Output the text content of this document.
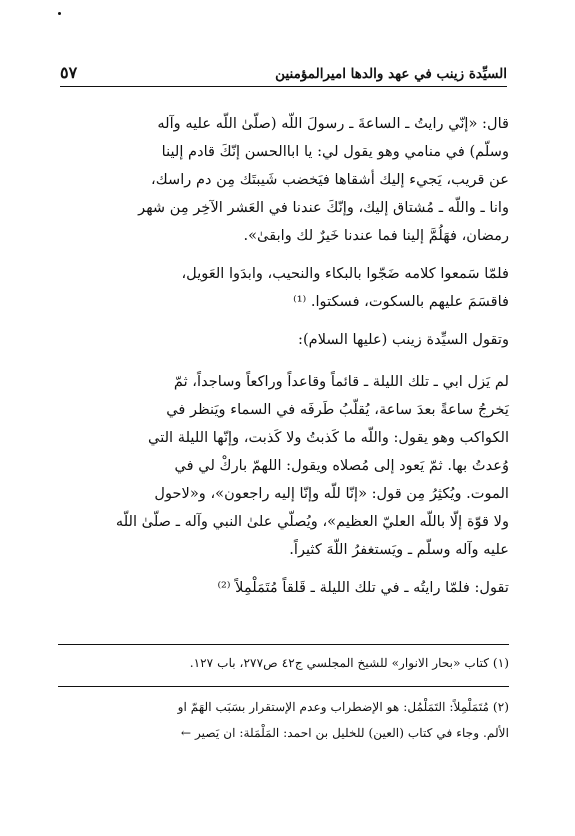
٥٧	السيِّدة زينب في عهد والدها اميرالمؤمنين

قال: «إنّي رايتُ ـ الساعةَ ـ رسولَ اللّه (صلّىٰ اللّه عليه وآله
وسلّم) في منامي وهو يقول لي: يا اباالحسن إنّكَ قادم إلينا
عن قريب، يَجيء إليك أشقاها فيَخضب شَيبتَك مِن دم راسك،
وانا ـ واللّه ـ مُشتاق إليك، وإنّكَ عندنا في العَشر الآخِر مِن شهر
رمضان، فهَلُمَّ إلينا فما عندنا خَيرٌ لك وابقىٰ».

فلمّا سَمعوا كلامه ضَجّوا بالبكاء والنحيب، وابدَوا العَويل،
فاقسَمَ عليهم بالسكوت، فسكتوا. ⁽¹⁾

وتقول السيِّدة زينب (عليها السلام):

لم يَزل ابي ـ تلك الليلة ـ قائماً وقاعداً وراكعاً وساجداً، ثمّ
يَخرجُ ساعةً بعدَ ساعة، يُقلّبُ طَرفَه في السماء ويَنظر في
الكواكب وهو يقول: واللّه ما كَذبتُ ولا كَذبت، وإنّها الليلة التي
وُعدتُ بها. ثمّ يَعود إلى مُصلاه ويقول: اللهمّ باركْ لي في
الموت. ويُكثِرُ مِن قول: «إنّا للّه وإنّا إليه راجعون»، و«لاحول
ولا قوّة إلّا باللّه العليّ العظيم»، ويُصلّي علىٰ النبي وآله ـ صلّىٰ اللّه
عليه وآله وسلّم ـ ويَستغفرُ اللّهَ كثيراً.

تقول: فلمّا رايتُه ـ في تلك الليلة ـ قَلقاً مُتَمَلْمِلاً ⁽²⁾

(١) كتاب «بحار الانوار» للشيخ المجلسي ج٤٢ ص٢٧٧، باب ١٢٧.
(٢) مُتَمَلْمِلاً: التَمَلْمُل: هو الإضطراب وعدم الإستقرار بسَبَب الهَمّ او
الألم. وجاء في كتاب (العين) للخليل بن احمد: المَلْمَلة: ان يَصير ←
